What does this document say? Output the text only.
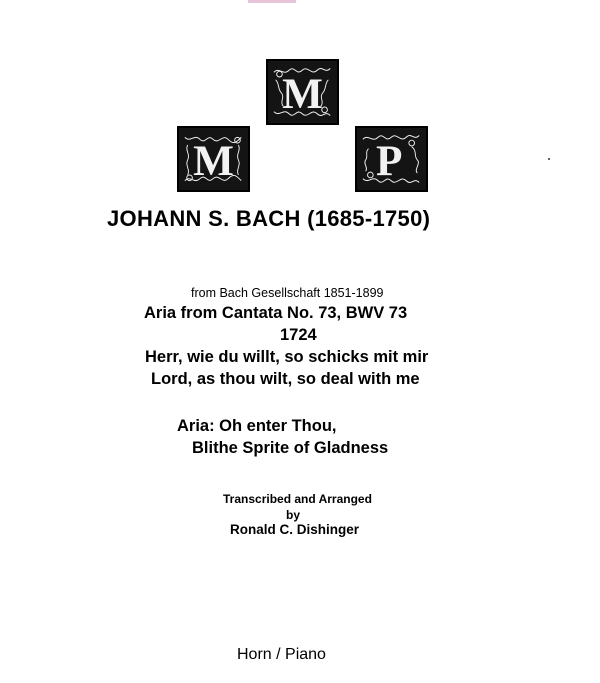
M
M	P
JOHANN S. BACH (1685-1750)
from Bach Gesellschaft 1851-1899
Aria from Cantata No. 73, BWV 73
1724
Herr, wie du willt, so schicks mit mir
Lord, as thou wilt, so deal with me
Aria: Oh enter Thou,
Blithe Sprite of Gladness
Transcribed and Arranged
by
Ronald C. Dishinger
Horn / Piano
